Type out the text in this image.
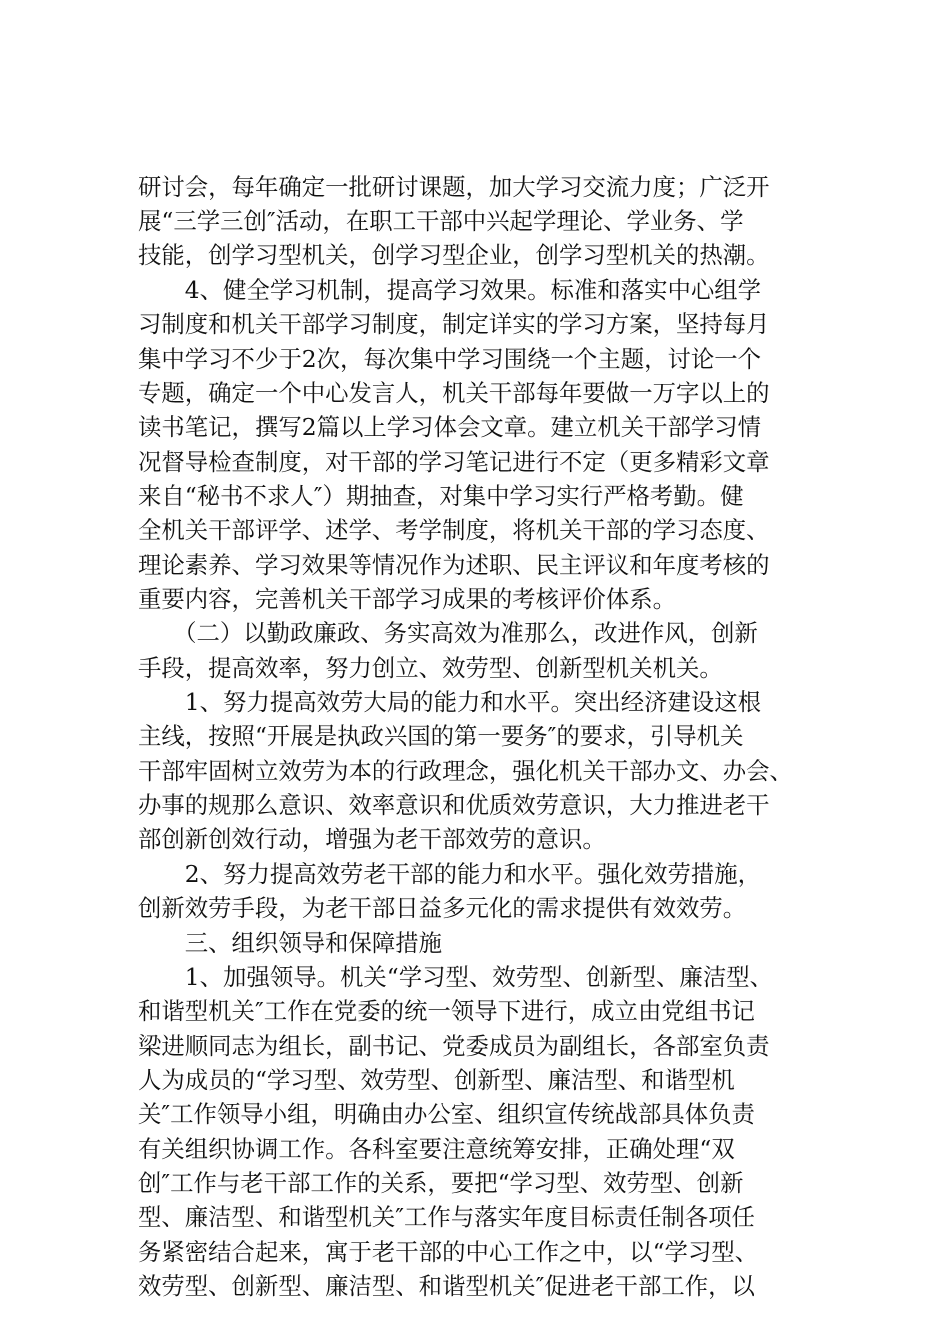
研讨会，每年确定一批研讨课题，加大学习交流力度；广泛开
展“三学三创″活动，在职工干部中兴起学理论、学业务、学
技能，创学习型机关，创学习型企业，创学习型机关的热潮。
　　4、健全学习机制，提高学习效果。标准和落实中心组学
习制度和机关干部学习制度，制定详实的学习方案，坚持每月
集中学习不少于2次，每次集中学习围绕一个主题，讨论一个
专题，确定一个中心发言人，机关干部每年要做一万字以上的
读书笔记，撰写2篇以上学习体会文章。建立机关干部学习情
况督导检查制度，对干部的学习笔记进行不定（更多精彩文章
来自“秘书不求人″）期抽查，对集中学习实行严格考勤。健
全机关干部评学、述学、考学制度，将机关干部的学习态度、
理论素养、学习效果等情况作为述职、民主评议和年度考核的
重要内容，完善机关干部学习成果的考核评价体系。
　　（二）以勤政廉政、务实高效为准那么，改进作风，创新
手段，提高效率，努力创立、效劳型、创新型机关机关。
　　1、努力提高效劳大局的能力和水平。突出经济建设这根
主线，按照“开展是执政兴国的第一要务″的要求，引导机关
干部牢固树立效劳为本的行政理念，强化机关干部办文、办会、
办事的规那么意识、效率意识和优质效劳意识，大力推进老干
部创新创效行动，增强为老干部效劳的意识。
　　2、努力提高效劳老干部的能力和水平。强化效劳措施，
创新效劳手段，为老干部日益多元化的需求提供有效效劳。
　　三、组织领导和保障措施
　　1、加强领导。机关“学习型、效劳型、创新型、廉洁型、
和谐型机关″工作在党委的统一领导下进行，成立由党组书记
梁进顺同志为组长，副书记、党委成员为副组长，各部室负责
人为成员的“学习型、效劳型、创新型、廉洁型、和谐型机
关″工作领导小组，明确由办公室、组织宣传统战部具体负责
有关组织协调工作。各科室要注意统筹安排，正确处理“双
创″工作与老干部工作的关系，要把“学习型、效劳型、创新
型、廉洁型、和谐型机关″工作与落实年度目标责任制各项任
务紧密结合起来，寓于老干部的中心工作之中，以“学习型、
效劳型、创新型、廉洁型、和谐型机关″促进老干部工作，以
